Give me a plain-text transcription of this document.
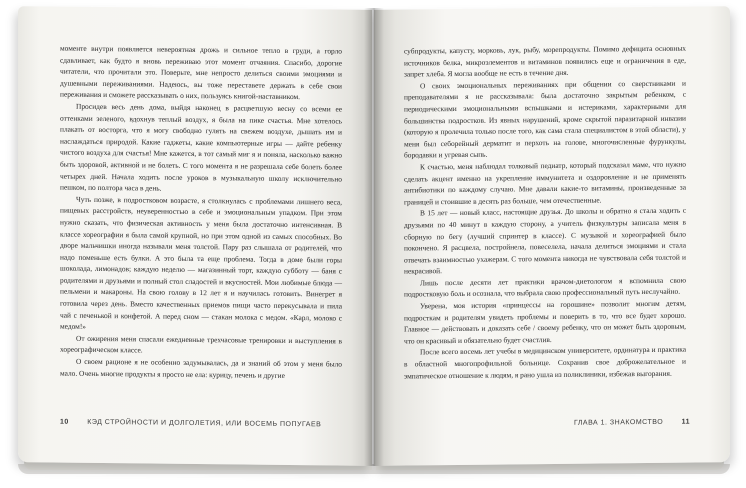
моменте внутри появляется невероятная дрожь и сильное тепло в груди, а горло сдавливает, как будто я вновь переживаю этот момент отчаяния. Спасибо, дорогие читатели, что прочитали это. Поверьте, мне непросто делиться своими эмоциями и душевными переживаниями. Надеюсь, вы тоже переставете держать в себе свои переживания и сможете рассказывать о них, пользуясь книгой-наставником.

Просидев весь день дома, выйдя наконец в расцветшую весну со всеми ее оттенками зеленого, вдохнув теплый воздух, я была на пике счастья. Мне хотелось плакать от восторга, что я могу свободно гулять на свежем воздухе, дышать им и наслаждаться природой. Какие гаджеты, какие компьютерные игры — дайте ребенку чистого воздуха для счастья! Мне кажется, в тот самый миг я и поняла, насколько важно быть здоровой, активной и не болеть. С того момента я не разрешала себе болеть более четырех дней. Начала ходить после уроков в музыкальную школу исключительно пешком, по полтора часа в день.

Чуть позже, в подростковом возрасте, я столкнулась с проблемами лишнего веса, пищевых расстройств, неуверенностью в себе и эмоциональным упадком. При этом нужно сказать, что физическая активность у меня была достаточно интенсивная. В классе хореографии я была самой крупной, но при этом одной из самых способных. Во дворе мальчишки иногда называли меня толстой. Пару раз слышала от родителей, что надо поменьше есть булки. А это была та еще проблема. Тогда в доме были горы шоколада, лимонадов; каждую неделю — магазинный торт, каждую субботу — баня с родителями и друзьями и полный стол сладостей и вкусностей. Мои любимые блюда — пельмени и макароны. На свою голову в 12 лет я и научилась готовить. Винегрет я готовила через день. Вместо качественных приемов пищи часто перекусывала и пила чай с печенькой и конфетой. А перед сном — стакан молока с медом. «Карл, молоко с медом!»

От ожирения меня спасали ежедневные трехчасовые тренировки и выступления в хореографическом классе.

О своем рационе я не особенно задумывалась, да и знаний об этом у меня было мало. Очень многие продукты я просто не ела: курицу, печень и другие

10	КЭД СТРОЙНОСТИ И ДОЛГОЛЕТИЯ, ИЛИ ВОСЕМЬ ПОПУГАЕВ

субпродукты, капусту, морковь, лук, рыбу, морепродукты. Помимо дефицита основных источников белка, микроэлементов и витаминов появились еще и ограничения в еде, запрет хлеба. Я могла вообще не есть в течение дня.

О своих эмоциональных переживаниях при общении со сверстниками и преподавателями я не рассказывала: была достаточно закрытым ребенком, с периодическими эмоциональными вспышками и истериками, характерными для большинства подростков. Из явных нарушений, кроме скрытой паразитарной инвазии (которую я пролечила только после того, как сама стала специалистом в этой области), у меня был себорейный дерматит и перхоть на голове, многочисленные фурункулы, бородавки и угревая сыпь.

К счастью, меня наблюдал толковый педиатр, который подсказал маме, что нужно сделать акцент именно на укрепление иммунитета и оздоровление и не применять антибиотики по каждому случаю. Мне давали какие-то витамины, произведенные за границей и стоившие в десять раз больше, чем отечественные.

В 15 лет — новый класс, настоящие друзья. До школы и обратно я стала ходить с друзьями по 40 минут в каждую сторону, а учитель физкультуры записала меня в сборную по бегу (лучший спринтер в классе). С музыкой и хореографией было покончено. Я расцвела, постройнела, повеселела, начала делиться эмоциями и стала отвечать взаимностью ухажерам. С того момента никогда не чувствовала себя толстой и некрасивой.

Лишь после десяти лет практики врачом-диетологом я вспомнила свою подростковую боль и осознала, что выбрала свою профессиональный путь неслучайно.

Уверена, моя история «принцессы на горошине» позволит многим детям, подросткам и родителям увидеть проблемы и поверить в то, что все будет хорошо. Главное — действовать и доказать себе / своему ребенку, что он может быть здоровым, что он красивый и обязательно будет счастлив.

После всего восемь лет учебы в медицинском университете, ординатура и практика в областной многопрофильной больнице. Сохранив свое доброжелательное и эмпатическое отношение к людям, я рано ушла из поликлиники, избежав выгорания.

ГЛАВА 1. ЗНАКОМСТВО	11
